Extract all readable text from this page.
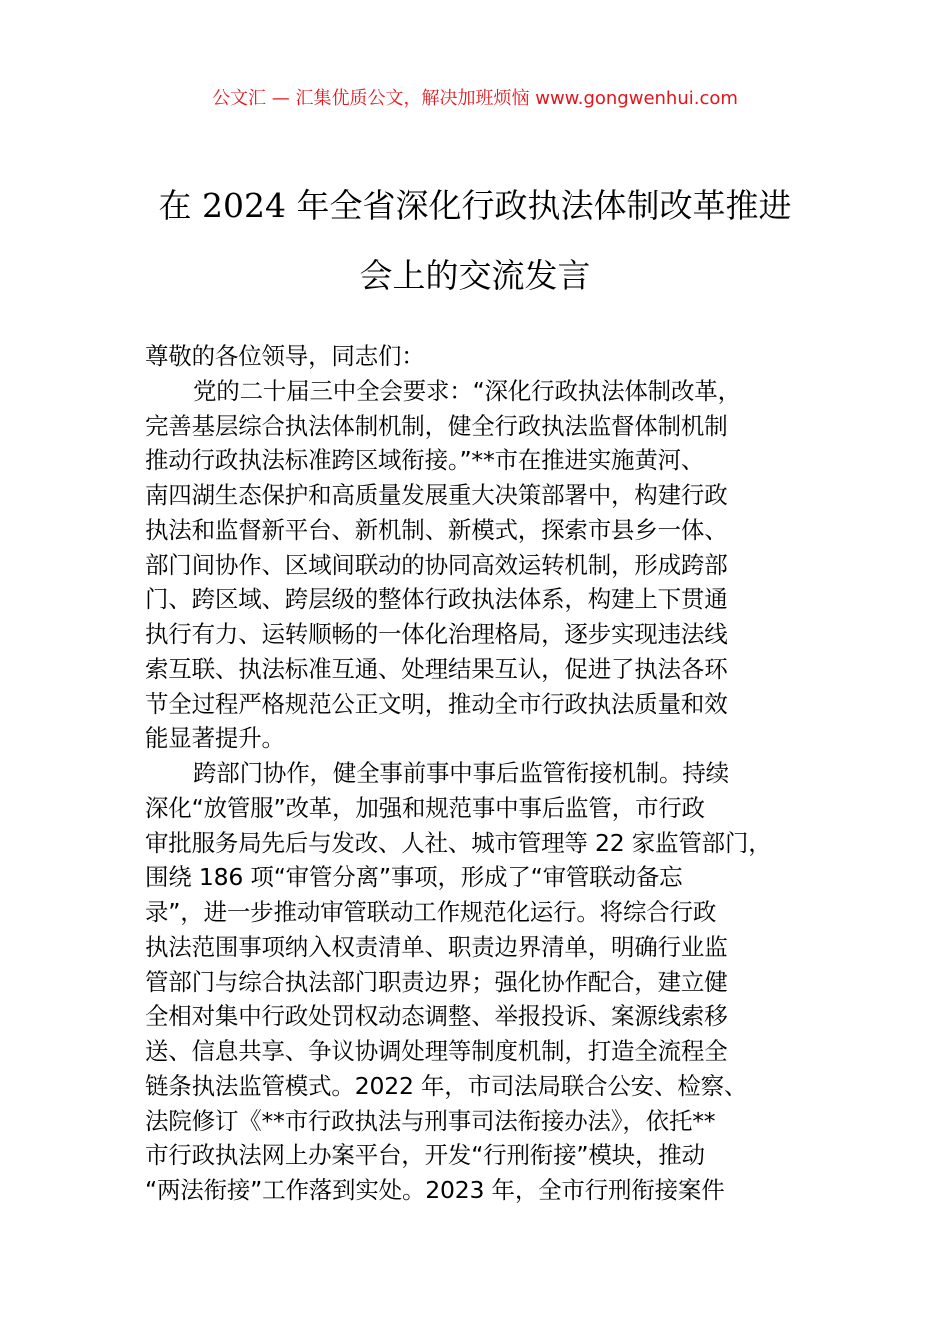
公文汇 — 汇集优质公文，解决加班烦恼 www.gongwenhui.com
在 2024 年全省深化行政执法体制改革推进
会上的交流发言
尊敬的各位领导，同志们：
党的二十届三中全会要求：“深化行政执法体制改革，
完善基层综合执法体制机制，健全行政执法监督体制机制
推动行政执法标准跨区域衔接。”**市在推进实施黄河、
南四湖生态保护和高质量发展重大决策部署中，构建行政
执法和监督新平台、新机制、新模式，探索市县乡一体、
部门间协作、区域间联动的协同高效运转机制，形成跨部
门、跨区域、跨层级的整体行政执法体系，构建上下贯通
执行有力、运转顺畅的一体化治理格局，逐步实现违法线
索互联、执法标准互通、处理结果互认，促进了执法各环
节全过程严格规范公正文明，推动全市行政执法质量和效
能显著提升。
跨部门协作，健全事前事中事后监管衔接机制。持续
深化“放管服”改革，加强和规范事中事后监管，市行政
审批服务局先后与发改、人社、城市管理等 22 家监管部门，
围绕 186 项“审管分离”事项，形成了“审管联动备忘
录”，进一步推动审管联动工作规范化运行。将综合行政
执法范围事项纳入权责清单、职责边界清单，明确行业监
管部门与综合执法部门职责边界；强化协作配合，建立健
全相对集中行政处罚权动态调整、举报投诉、案源线索移
送、信息共享、争议协调处理等制度机制，打造全流程全
链条执法监管模式。2022 年，市司法局联合公安、检察、
法院修订《**市行政执法与刑事司法衔接办法》，依托**
市行政执法网上办案平台，开发“行刑衔接”模块，推动
“两法衔接”工作落到实处。2023 年，全市行刑衔接案件
